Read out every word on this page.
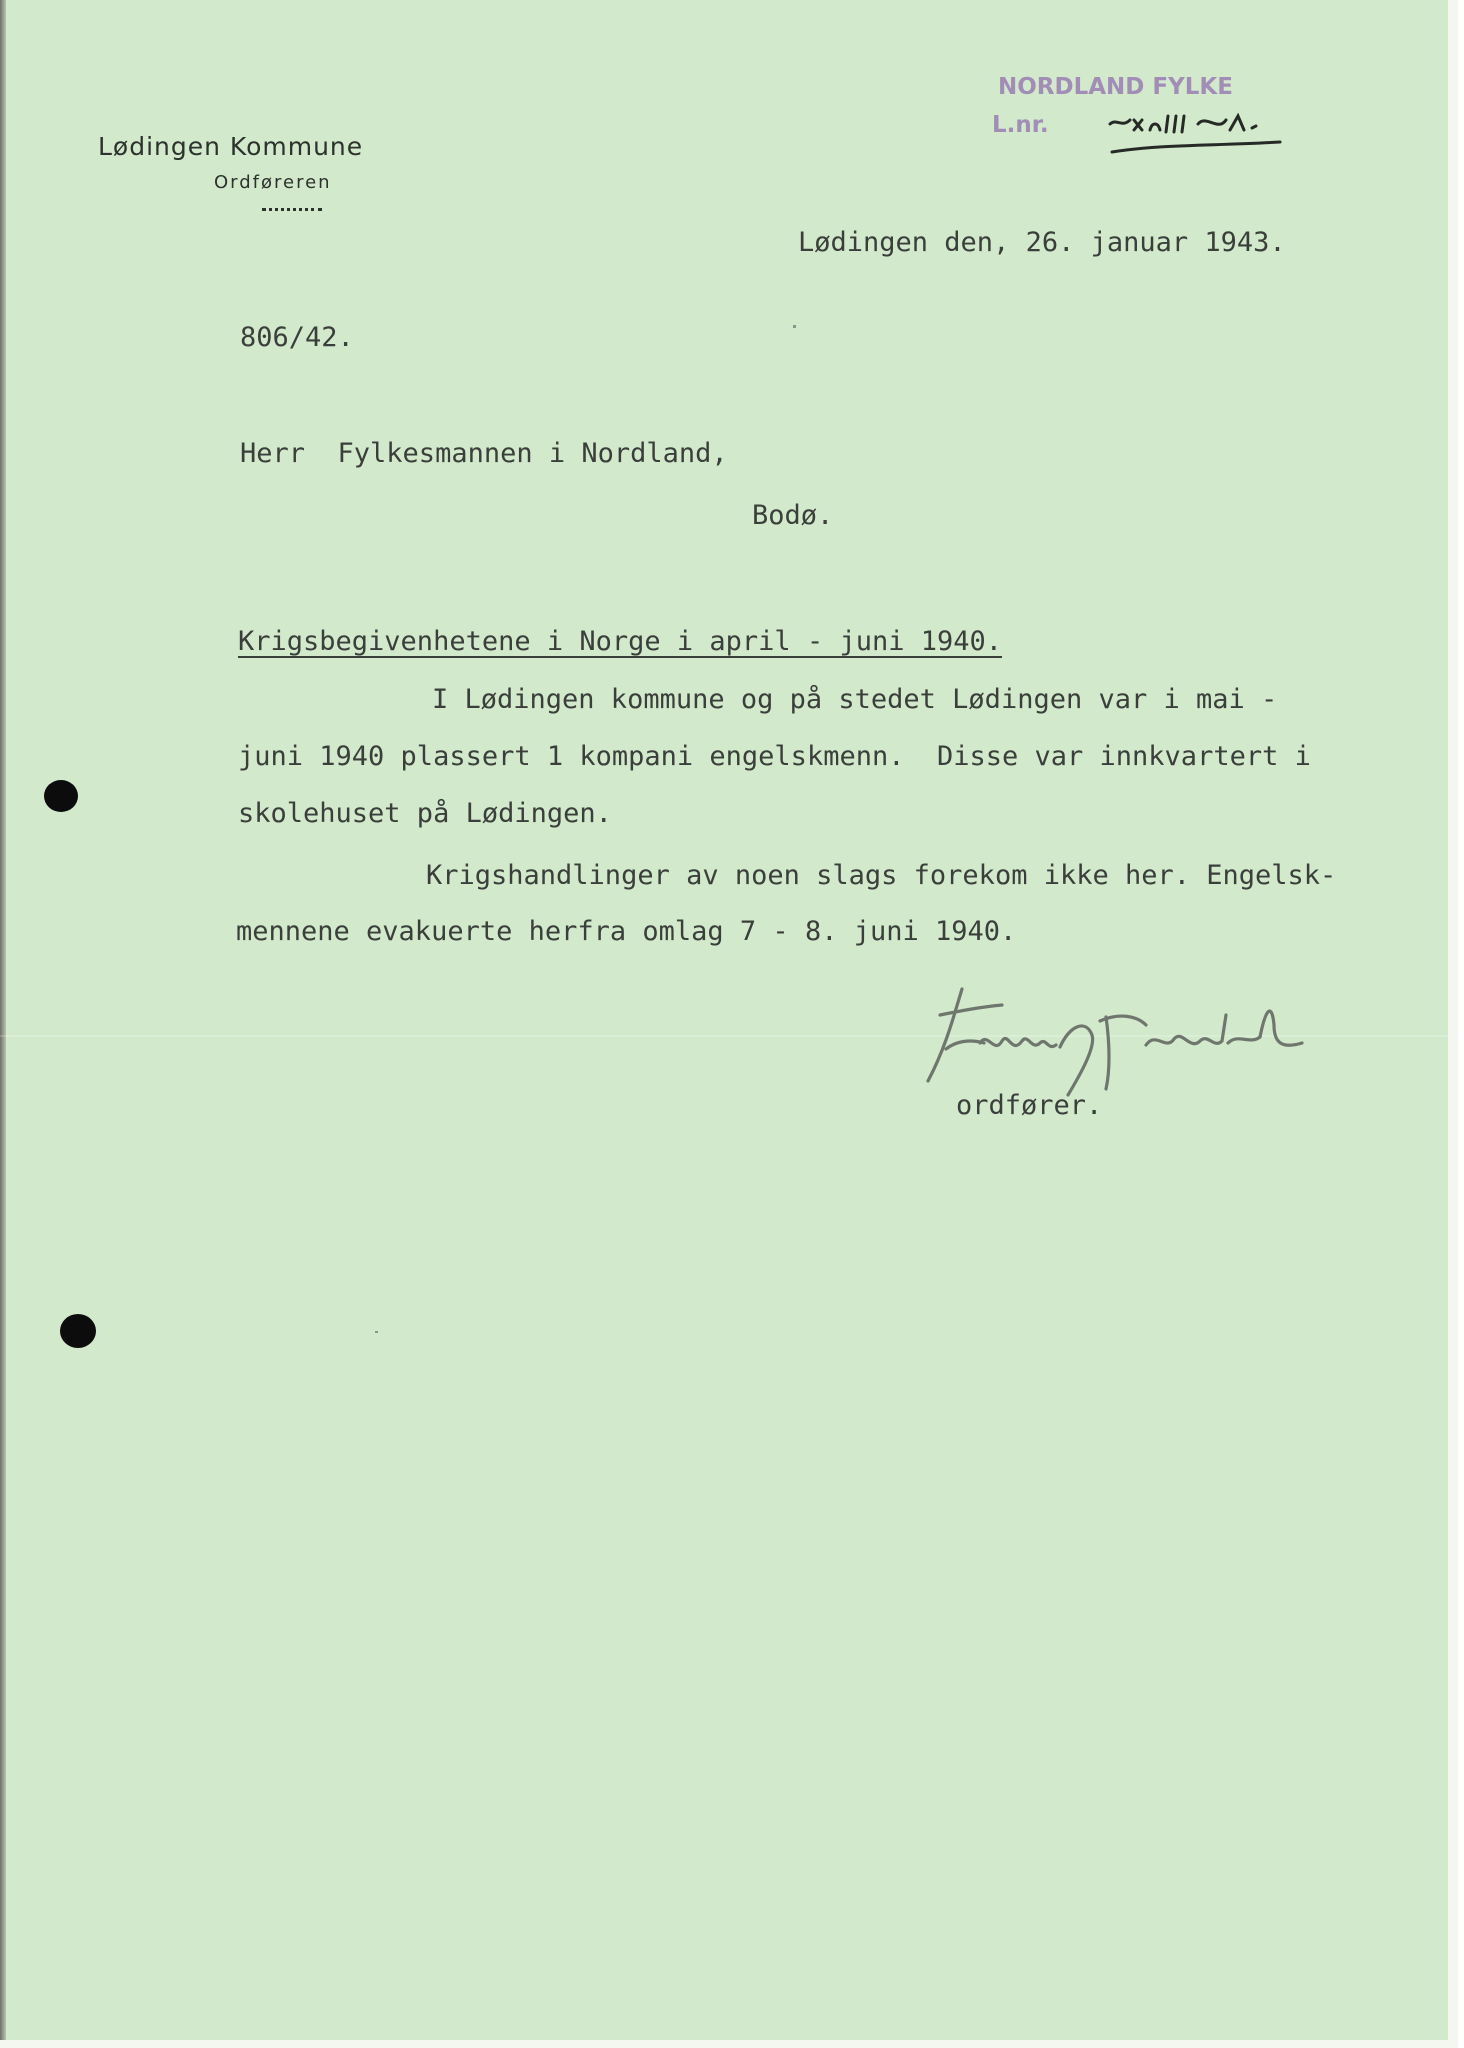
Lødingen Kommune
Ordføreren
NORDLAND FYLKE
L.nr.
Lødingen den, 26. januar 1943.
806/42.
Herr  Fylkesmannen i Nordland,
Bodø.
Krigsbegivenhetene i Norge i april - juni 1940.
I Lødingen kommune og på stedet Lødingen var i mai -
juni 1940 plassert 1 kompani engelskmenn.  Disse var innkvartert i
skolehuset på Lødingen.
Krigshandlinger av noen slags forekom ikke her. Engelsk-
mennene evakuerte herfra omlag 7 - 8. juni 1940.
ordfører.
